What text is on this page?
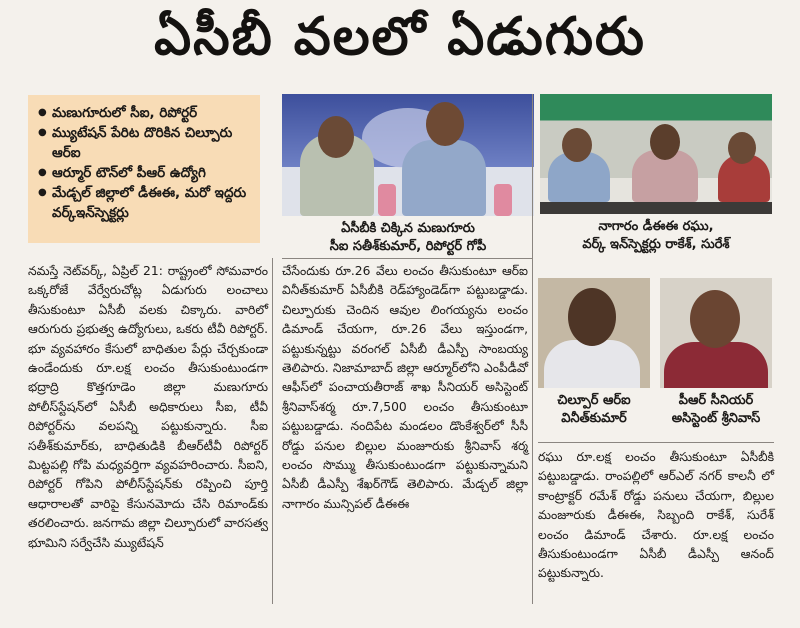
ఏసీబీ వలలో ఏడుగురు
● మణుగూరులో సీఐ, రిపోర్టర్
● మ్యుటేషన్ పేరిట దొరికిన చిల్పూరు ఆర్ఐ
● ఆర్మూర్ టౌన్‌లో పీఆర్ ఉద్యోగి
● మేడ్చల్ జిల్లాలో డీఈఈ, మరో ఇద్దరు వర్క్ఇన్‌స్పెక్టర్లు
ఏసీబీకి చిక్కిన మణుగూరు
సీఐ సతీశ్‌కుమార్, రిపోర్టర్ గోపీ
నాగారం డీఈఈ రఘు,
వర్క్ ఇన్‌స్పెక్టర్లు రాకేశ్, సురేశ్
చిల్పూర్ ఆర్ఐ
వినీత్‌కుమార్
పీఆర్ సీనియర్
అసిస్టెంట్ శ్రీనివాస్

నమస్తే నెట్‌వర్క్, ఏప్రిల్ 21: రాష్ట్రంలో సోమవారం ఒక్కరోజే వేర్వేరుచోట్ల ఏడుగురు లంచాలు తీసుకుంటూ ఏసీబీ వలకు చిక్కారు. వారిలో ఆరుగురు ప్రభుత్వ ఉద్యోగులు, ఒకరు టీవీ రిపోర్టర్. భూ వ్యవహారం కేసులో బాధితుల పేర్లు చేర్చకుండా ఉండేందుకు రూ.లక్ష లంచం తీసుకుంటుండగా భద్రాద్రి కొత్తగూడెం జిల్లా మణుగూరు పోలీస్‌స్టేషన్‌లో ఏసీబీ అధికారులు సీఐ, టీవీ రిపోర్టర్‌ను వలపన్ని పట్టుకున్నారు. సీఐ సతీశ్‌కుమార్‌కు, బాధితుడికి బీఆర్‌టీవీ రిపోర్టర్ మిట్టపల్లి గోపి మధ్యవర్తిగా వ్యవహరించారు. సీఐని, రిపోర్టర్ గోపిని పోలీస్‌స్టేషన్‌కు రప్పించి పూర్తి ఆధారాలతో వారిపై కేసునమోదు చేసి రిమాండ్‌కు తరలించారు. జనగామ జిల్లా చిల్పూరులో వారసత్వ భూమిని సర్వేచేసి మ్యుటేషన్

చేసేందుకు రూ.26 వేలు లంచం తీసుకుంటూ ఆర్ఐ వినీత్‌కుమార్ ఏసీబీకి రెడ్‌హ్యాండెడ్‌గా పట్టుబడ్డాడు. చిల్పూరుకు చెందిన ఆవుల లింగయ్యను లంచం డిమాండ్ చేయగా, రూ.26 వేలు ఇస్తుండగా, పట్టుకున్నట్టు వరంగల్ ఏసీబీ డీఎస్పీ సాంబయ్య తెలిపారు. నిజామాబాద్ జిల్లా ఆర్మూర్‌లోని ఎంపీడీవో ఆఫీస్‌లో పంచాయతీరాజ్ శాఖ సీనియర్ అసిస్టెంట్ శ్రీనివాస్‌శర్మ రూ.7,500 లంచం తీసుకుంటూ పట్టుబడ్డాడు. నందిపేట మండలం డొంకేశ్వర్‌లో సీసీ రోడ్డు పనుల బిల్లుల మంజూరుకు శ్రీనివాస్ శర్మ లంచం సొమ్ము తీసుకుంటుండగా పట్టుకున్నామని ఏసీబీ డీఎస్పీ శేఖర్‌గౌడ్ తెలిపారు. మేడ్చల్ జిల్లా నాగారం మున్సిపల్ డీఈఈ

రఘు రూ.లక్ష లంచం తీసుకుంటూ ఏసీబీకి పట్టుబడ్డాడు. రాంపల్లిలో ఆర్‌ఎల్ నగర్ కాలనీ లో కాంట్రాక్టర్ రమేశ్ రోడ్డు పనులు చేయగా, బిల్లుల మంజూరుకు డీఈఈ, సిబ్బంది రాకేశ్, సురేశ్ లంచం డిమాండ్ చేశారు. రూ.లక్ష లంచం తీసుకుంటుండగా ఏసీబీ డీఎస్పీ ఆనంద్ పట్టుకున్నారు.
